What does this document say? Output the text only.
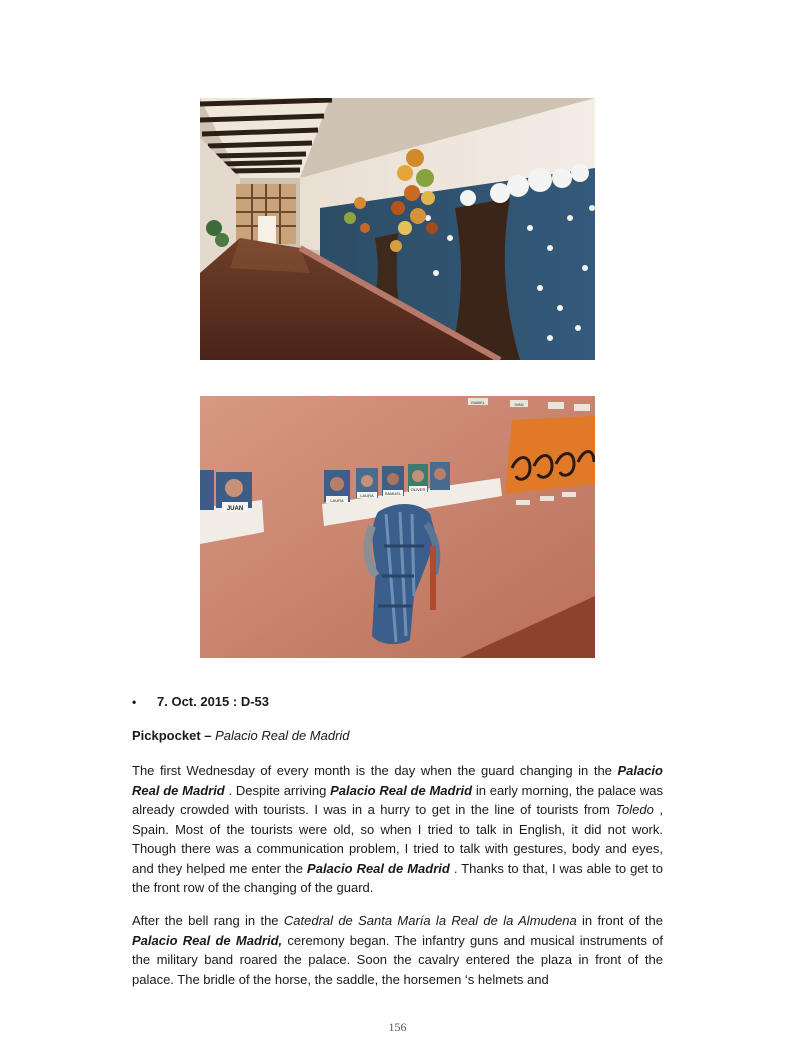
JUAN
LAURA
LAURA	SAMUEL
OLIVER
ISABEL	IVAN
• 7. Oct. 2015 : D-53
Pickpocket – Palacio Real de Madrid

The first Wednesday of every month is the day when the guard changing in the Palacio Real de Madrid . Despite arriving Palacio Real de Madrid in early morning, the palace was already crowded with tourists. I was in a hurry to get in the line of tourists from Toledo , Spain. Most of the tourists were old, so when I tried to talk in English, it did not work. Though there was a communication problem, I tried to talk with gestures, body and eyes, and they helped me enter the Palacio Real de Madrid . Thanks to that, I was able to get to the front row of the changing of the guard.

After the bell rang in the Catedral de Santa María la Real de la Almudena in front of the Palacio Real de Madrid, ceremony began. The infantry guns and musical instruments of the military band roared the palace. Soon the cavalry entered the plaza in front of the palace. The bridle of the horse, the saddle, the horsemen ‘s helmets and

156
